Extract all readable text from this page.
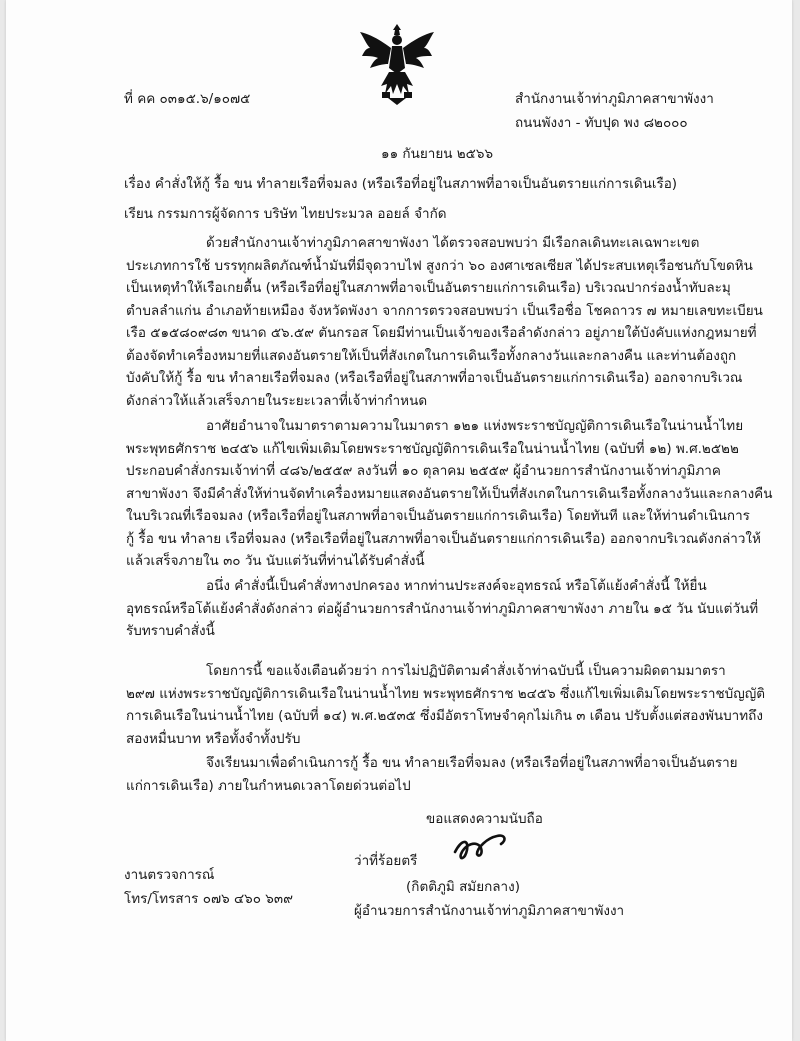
ที่ คค ๐๓๑๕.๖/๑๐๗๕	สำนักงานเจ้าท่าภูมิภาคสาขาพังงา
ถนนพังงา - ทับปุด พง ๘๒๐๐๐
๑๑ กันยายน ๒๕๖๖
เรื่อง คำสั่งให้กู้ รื้อ ขน ทำลายเรือที่จมลง (หรือเรือที่อยู่ในสภาพที่อาจเป็นอันตรายแก่การเดินเรือ)
เรียน กรรมการผู้จัดการ บริษัท ไทยประมวล ออยล์ จำกัด
ด้วยสำนักงานเจ้าท่าภูมิภาคสาขาพังงา ได้ตรวจสอบพบว่า มีเรือกลเดินทะเลเฉพาะเขต
ประเภทการใช้ บรรทุกผลิตภัณฑ์น้ำมันที่มีจุดวาบไฟ สูงกว่า ๖๐ องศาเซลเซียส ได้ประสบเหตุเรือชนกับโขดหิน
เป็นเหตุทำให้เรือเกยตื้น (หรือเรือที่อยู่ในสภาพที่อาจเป็นอันตรายแก่การเดินเรือ) บริเวณปากร่องน้ำทับละมุ
ตำบลลำแก่น อำเภอท้ายเหมือง จังหวัดพังงา จากการตรวจสอบพบว่า เป็นเรือชื่อ โชคถาวร ๗ หมายเลขทะเบียน
เรือ ๕๑๕๘๐๙๘๓ ขนาด ๕๖.๕๙ ตันกรอส โดยมีท่านเป็นเจ้าของเรือลำดังกล่าว อยู่ภายใต้บังคับแห่งกฎหมายที่
ต้องจัดทำเครื่องหมายที่แสดงอันตรายให้เป็นที่สังเกตในการเดินเรือทั้งกลางวันและกลางคืน และท่านต้องถูก
บังคับให้กู้ รื้อ ขน ทำลายเรือที่จมลง (หรือเรือที่อยู่ในสภาพที่อาจเป็นอันตรายแก่การเดินเรือ) ออกจากบริเวณ
ดังกล่าวให้แล้วเสร็จภายในระยะเวลาที่เจ้าท่ากำหนด
อาศัยอำนาจในมาตราตามความในมาตรา ๑๒๑ แห่งพระราชบัญญัติการเดินเรือในน่านน้ำไทย
พระพุทธศักราช ๒๔๕๖ แก้ไขเพิ่มเติมโดยพระราชบัญญัติการเดินเรือในน่านน้ำไทย (ฉบับที่ ๑๒) พ.ศ.๒๕๒๒
ประกอบคำสั่งกรมเจ้าท่าที่ ๔๘๖/๒๕๕๙ ลงวันที่ ๑๐ ตุลาคม ๒๕๕๙ ผู้อำนวยการสำนักงานเจ้าท่าภูมิภาค
สาขาพังงา จึงมีคำสั่งให้ท่านจัดทำเครื่องหมายแสดงอันตรายให้เป็นที่สังเกตในการเดินเรือทั้งกลางวันและกลางคืน
ในบริเวณที่เรือจมลง (หรือเรือที่อยู่ในสภาพที่อาจเป็นอันตรายแก่การเดินเรือ) โดยทันที และให้ท่านดำเนินการ
กู้ รื้อ ขน ทำลาย เรือที่จมลง (หรือเรือที่อยู่ในสภาพที่อาจเป็นอันตรายแก่การเดินเรือ) ออกจากบริเวณดังกล่าวให้
แล้วเสร็จภายใน ๓๐ วัน นับแต่วันที่ท่านได้รับคำสั่งนี้
อนึ่ง คำสั่งนี้เป็นคำสั่งทางปกครอง หากท่านประสงค์จะอุทธรณ์ หรือโต้แย้งคำสั่งนี้ ให้ยื่น
อุทธรณ์หรือโต้แย้งคำสั่งดังกล่าว ต่อผู้อำนวยการสำนักงานเจ้าท่าภูมิภาคสาขาพังงา ภายใน ๑๕ วัน นับแต่วันที่
รับทราบคำสั่งนี้
โดยการนี้ ขอแจ้งเตือนด้วยว่า การไม่ปฏิบัติตามคำสั่งเจ้าท่าฉบับนี้ เป็นความผิดตามมาตรา
๒๙๗ แห่งพระราชบัญญัติการเดินเรือในน่านน้ำไทย พระพุทธศักราช ๒๔๕๖ ซึ่งแก้ไขเพิ่มเติมโดยพระราชบัญญัติ
การเดินเรือในน่านน้ำไทย (ฉบับที่ ๑๔) พ.ศ.๒๕๓๕ ซึ่งมีอัตราโทษจำคุกไม่เกิน ๓ เดือน ปรับตั้งแต่สองพันบาทถึง
สองหมื่นบาท หรือทั้งจำทั้งปรับ
จึงเรียนมาเพื่อดำเนินการกู้ รื้อ ขน ทำลายเรือที่จมลง (หรือเรือที่อยู่ในสภาพที่อาจเป็นอันตราย
แก่การเดินเรือ) ภายในกำหนดเวลาโดยด่วนต่อไป
ขอแสดงความนับถือ
ว่าที่ร้อยตรี
(กิตติภูมิ สมัยกลาง)
ผู้อำนวยการสำนักงานเจ้าท่าภูมิภาคสาขาพังงา
งานตรวจการณ์
โทร/โทรสาร ๐๗๖ ๔๖๐ ๖๓๙
